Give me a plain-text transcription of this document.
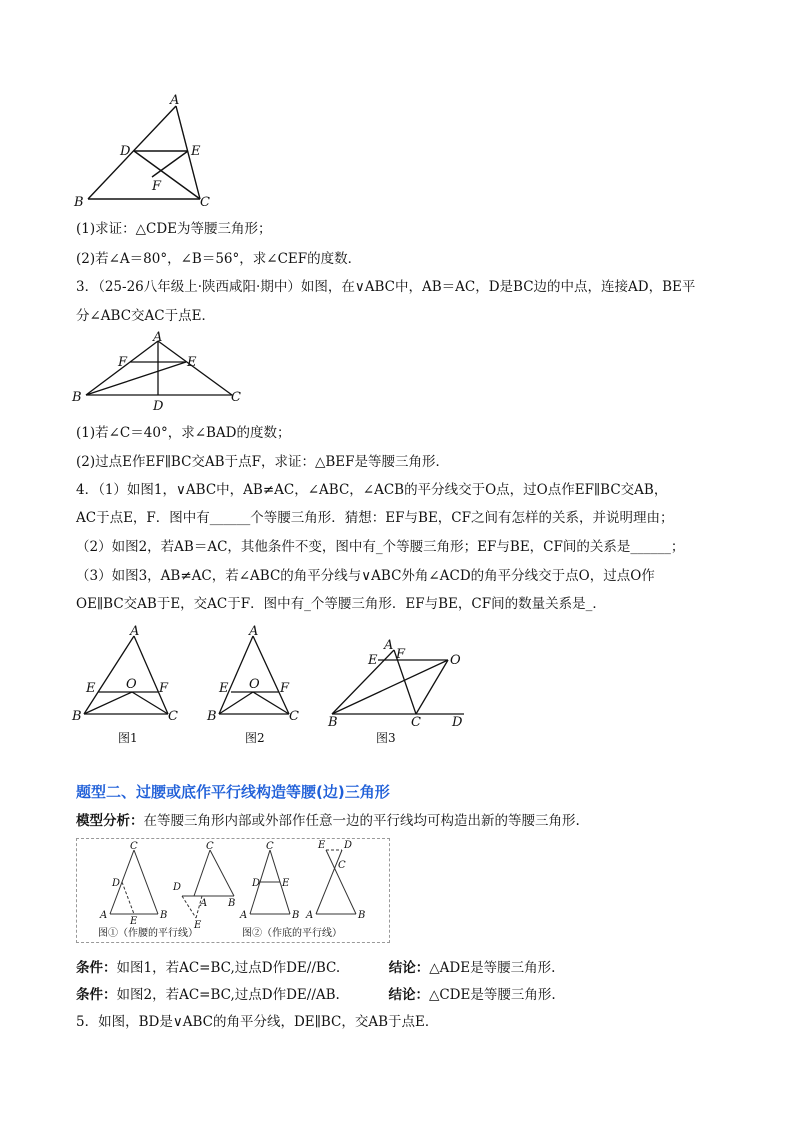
A
D	E
F
B	C
(1)求证：△CDE为等腰三角形；
(2)若∠A＝80°，∠B＝56°，求∠CEF的度数．
3．（25-26八年级上·陕西咸阳·期中）如图，在∨ABC中，AB＝AC，D是BC边的中点，连接AD，BE平
分∠ABC交AC于点E．
A
F	E
B
D
C
(1)若∠C＝40°，求∠BAD的度数；
(2)过点E作EF∥BC交AB于点F，求证：△BEF是等腰三角形．
4．（1）如图1，∨ABC中，AB≠AC，∠ABC，∠ACB的平分线交于O点，过O点作EF∥BC交AB，
AC于点E，F．图中有______个等腰三角形．猜想：EF与BE，CF之间有怎样的关系，并说明理由；
（2）如图2，若AB＝AC，其他条件不变，图中有_个等腰三角形；EF与BE，CF间的关系是______；
（3）如图3，AB≠AC，若∠ABC的角平分线与∨ABC外角∠ACD的角平分线交于点O，过点O作
OE∥BC交AB于E，交AC于F．图中有_个等腰三角形．EF与BE，CF间的数量关系是_．
A
E O F
B	C
图1
A
E O F
B	C
图2
A
E F	O
B	C D
图3
题型二、过腰或底作平行线构造等腰(边)三角形
模型分析：在等腰三角形内部或外部作任意一边的平行线均可构造出新的等腰三角形.
C
D
A
E
B
C
D
A
E
B
C
D E
A	B
E D
C
A	B
图①（作腰的平行线）	图②（作底的平行线）
条件：如图1，若AC=BC,过点D作DE//BC.	结论：△ADE是等腰三角形.
条件：如图2，若AC=BC,过点D作DE//AB.	结论：△CDE是等腰三角形.
5．如图，BD是∨ABC的角平分线，DE∥BC，交AB于点E．
